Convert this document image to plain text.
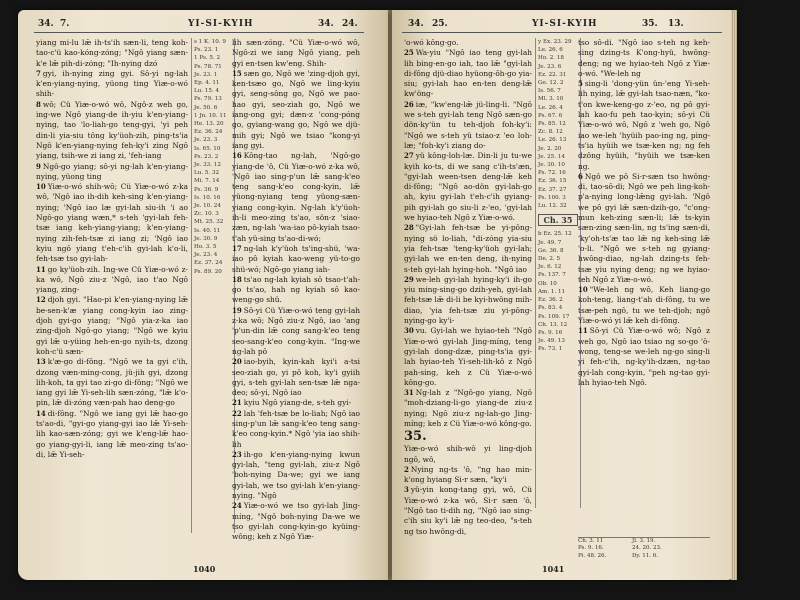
34. 7.	YI-SI-KYIH	34. 24.

yiang mi-lu lǣ ih-ts'ih sæn-li, teng koh-tao-c'ü kao-kóng-zóng; "Ngô yiang sæn-k'e lǣ pih-di-zóng; "Ih-nying dzó

7 gyi, ih-nying zing gyi. Sô-yi ng-lah k'en-yiang-nying, yüong ting Yiæ-o-wó shih-

8 wô; Cü Yiæ-o-wó wô, Ngô-z weh go, ing-we Ngô yiang-de ih-yiu k'en-yiang-nying, tao 'lo-liah-go teng-gyi, 'yi peh din-li yia-siu tông ky'üoh-zih, ping-ts'ia Ngô k'en-yiang-nying feh-ky'i zing Ngô yiang, tsih-we zi iang zi, 'feh-iang

9 Ngô-go yiang; sô-yi ng-lah k'en-yiang-nying, yüong ting

10 Yiæ-o-wó shih-wô; Cü Yiæ-o-wó z-ka wô, 'Ngô iao ih-dih keh-sing k'en-yiang-nying; 'Ngô iao læ gyi-lah siu-ih 'i ao Ngô-go yiang wæn,* s-teh 'gyi-lah feh-tsæ iang keh-yiang-yiang; k'en-yiang-nying zih-feh-tsæ zi iang zi; 'Ngô iao kyiu ngô yiang t'eh-c'ih gyi-lah k'o-li, feh-tsæ tso gyi-lah-

11 go ky'üoh-zih. Ing-we Cü Yiæ-o-wó z-ka wô, Ngô ziu-z 'Ngô, iao t'ao Ngô yiang, zing-

12 djoh gyi. "Hao-pi k'en-yiang-nying lǣ be-sen-k'æ yiang cong-kyin iao zing-djoh gyi-go yiang; "Ngô yia-z-ka iao zing-djoh Ngô-go yiang; "Ngô we kyiu gyi lǣ u-yüing heh-en-go nyih-ts, dzong koh-c'ü sæn-

13 k'æ-go di-fông. "Ngô we ta gyi c'ih, dzong væn-ming-cong, jü-jih gyi, dzong lih-koh, ta gyi tao zi-go di-fông; "Ngô we iang gyi lǣ Yi-seh-lih sæn-zóng, "lǣ k'o-pin, lǣ di-zóng væn-pah hao deng-go

14 di-fông. "Ngô we iang gyi lǣ hao-go ts'ao-di, "gyi-go yiang-gyi iao lǣ Yi-seh-lih kao-sæn-zóng; gyi we k'eng-lǣ hao-go yiang-gyi-li, iang lǣ meo-zing ts'ao-di, lǣ Yi-seh-

s 1 K. 10. 9
Ps. 23. 1
1 Ps. 5. 2
Ps. 78. 71
Je. 23. 1
Ep. 4. 11
Lu. 15. 4
Ps. 79. 13
Je. 50. 6
1 Jn. 10. 11
He. 13. 20
Ez. 36. 24
Je. 23. 3
Is. 65. 10
Ps. 23. 2
Je. 33. 12
Lu. 5. 32
Mi. 7. 14
Ps. 36. 9
Is. 10. 16
Je. 10. 24
Zc. 10. 3
Mt. 25. 32
Is. 40. 11
Je. 30. 9
Ho. 3. 5
Je. 23. 4
Ez. 37. 24
Ps. 89. 20

lih sæn-zóng. "Cü Yiæ-o-wó wô, Ngô-zi we iang Ngô yiang, peh gyi en-tsen kw'eng. Shih-

15 sæn go, Ngô we 'zing-djoh gyi, ken-tsæo go, Ngô we ling-kyiu gyi, seng-sông go, Ngô we pao-hao gyi, seo-ziah go, Ngô we iang-ong gyi; dæn-z 'cong-póng go, gyiang-wang go, Ngô we djü-mih gyi; Ngô we tsiao "kong-yi iang gyi.

16 Kông-tao ng-lah, 'Ngô-go yiang-de 'ô, Cü Yiæ-o-wó z-ka wô, 'Ngô iao sing-p'un lǣ sang-k'eo teng sang-k'eo cong-kyin, lǣ yüong-nyiang teng yüong-sæn-yiang cong-kyin. Ng-lah k'y'üoh-ih-li meo-zing ts'ao, sön-z 'siao-zæn, ng-lah 'wa-iao pô-kyiah tsao-t'ah yü-sing ts'ao-di-wó;

17 ng-lah k'y'üoh ts'ing-shü, 'wa-iao pô kyiah kao-weng yü-to-go shü-wó; Ngô-go yiang iah-

18 ts'ao ng-lah kyiah sô tsao-t'ah-go ts'ao, hah ng kyiah sô kao-weng-go shü.

19 Sô-yi Cü Yiæ-o-wó teng gyi-lah z-ka wô; Ngô ziu-z Ngô, iao 'ang 'p'un-din lǣ cong sang-k'eo teng seo-sang-k'eo cong-kyin. "Ing-we ng-lah pô

20 iao-byih, kyin-kah kyi'i a-tsi seo-ziah go, yi pô koh, ky'i gyiih gyi, s-teh gyi-lah sen-tsæ lǣ nga-deo; sô-yi, Ngô iao

21 kyiu Ngô yiang-de, s-teh gyi-

22 lah 'feh-tsæ be lo-liah; Ngô iao sing-p'un lǣ sang-k'eo teng sang-k'eo cong-kyin.* Ngô 'yia iao shih-lih

23 ih-go k'en-yiang-nying kwun gyi-lah, "teng gyi-lah, ziu-z Ngô 'boh-nying Da-we; gyi we iang gyi-lah, we tso gyi-lah k'en-yiang-nying. "Ngô

24 Yiæ-o-wó we tso gyi-lah Jing-míng, "Ngô boh-nying Da-we we tso gyi-lah cong-kyin-go kyüing-wông; keh z Ngô Yiæ-

1040
34. 25.	YI-SI-KYIH	35. 13.

'o-wó kông-go.

25 Wa-yiu "Ngô iao teng gyi-lah lih bing-en-go iah, tao lǣ "gyi-lah di-fông djü-diao hyüong-ôh-go yia-siu; gyi-lah hao en-ten deng-lǣ kw'öng-

26 iæ, "kw'eng-lǣ jü-ling-li. "Ngô we s-teh gyi-lah teng Ngô sæn-go dön-ky'ün tu teh-djoh foh-ky'i: "Ngô we s-teh yü tsiao-z 'eo loh-læ; "foh-ky'i ziang do-

27 yü kông-loh-læ. Din-li ju tu-we kyih ko-ts, di we sang c'ih-ts'æn, "gyi-lah ween-tsen deng-lǣ keh di-fông; "Ngô ao-dön gyi-lah-go ah, kyiu gyi-lah t'eh-c'ih gyiang-pih gyi-lah go siu-li z-'eo, 'gyi-lah we hyiao-teh Ngô z Yiæ-o-wó.

28 "Gyi-lah feh-tsæ be yi-pông-nying sö lo-liah, "di-zóng yia-siu yia feh-tsæ 'teng-ky'üoh gyi-lah; gyi-lah we en-ten deng, ih-nying s-teh gyi-lah hying-hoh. "Ngô iao

29 we-leh gyi-lah hying-ky'i ih-go yiu ming-sing-go dzih-yeh, gyi-lah feh-tsæ lǣ di-li be kyi-hwông mih-diao, 'yia feh-tsæ ziu yi-pông-nying-go ky'i-

30 vu. Gyi-lah we hyiao-teh "Ngô Yiæ-o-wó gyi-lah Jing-míng, teng gyi-lah dong-dzæ, ping-ts'ia gyi-lah hyiao-teh Yi-seh-lih-kô z Ngô pah-sing, keh z Cü Yiæ-o-wó kông-go.

31 Ng-lah z "Ngô-go yiang, Ngô "moh-dziang-li-go yiang-de ziu-z nying; Ngô ziu-z ng-lah-go Jing-míng; keh z Cü Yiæ-o-wó kông-go.

35.

Yiæ-o-wó shih-wô yi ling-djoh ngô, wô,

2 Nying ng-ts 'ô, "ng hao min-k'ong hyiang Si-r sæn, "ky'i

3 yü-yin kong-tang gyi, wô, Cü Yiæ-o-wó z-ka wô, Si-r sæn 'ô, "Ngô tao ti-dih ng, "Ngô iao sing-c'ih siu ky'i lǣ ng teo-deo, "s-teh ng tso hwông-di,

y Ex. 23. 29
Le. 26. 6
Ho. 2. 18
Je. 23. 6
Ez. 22. 31
Ge. 12. 2
Is. 56. 7
Ml. 3. 10
Le. 26. 4
Ps. 67. 6
Ps. 85. 12
Zc. 8. 12
Le. 26. 13
Je. 2. 20
Je. 25. 14
Je. 30. 10
Ps. 72. 16
Ez. 36. 15
Ez. 37. 27
Ps. 100. 3
Lu. 12. 32

Ch. 35
b Ez. 25. 12
Je. 49. 7
Ge. 36. 8
De. 2. 5
Je. 6. 12
Ps. 137. 7
Ob. 10
Am. 1. 11
Ez. 36. 2
Ps. 83. 4
Ps. 109. 17
Ch. 13. 12
Ps. 9. 16
Je. 49. 13
Ps. 73. 1

tso sô-di. "Ngô iao s-teh ng keh-sing dzing-ts K'ong-hyü, hwông-deng; ng we hyiao-teh Ngô z Yiæ-o-wó. "We-leh ng

5 sing-li 'dong-yün ün-'eng Yi-seh-lih nying, lǣ gyi-lah tsao-næn, "ko-t'on kwe-keng-go z-'eo, ng pô gyi-lah kao-fu peh tao-kyin; sô-yi Cü Yiæ-o-wó wô, Ngô z 'weh go, Ngô iao we-leh 'hyüih pao-ing ng, ping-ts'ia hyüih we tsæ-ken ng; ng feh dzông hyüih, "hyüih we tsæ-ken ng.

6 Ngô we pô Si-r-sæn tso hwông-di, tao-sô-di; Ngô we peh ling-koh-p'a-nying long-lǣng gyi-lah. 'Ngô we pô gyi lǣ sæn-dzih-go, "c'ong-mun keh-zing sæn-li; lǣ ts-kyin sæn-zing sæn-lin, ng ts'ing sæn-di, 'ky'oh-ts'æ tao lǣ ng keh-sing lǣ 'o-li. "Ngô we s-teh ng gyiang-hwông-diao, ng-lah dzing-ts feh-tsæ yiu nying deng; ng we hyiao-teh Ngô z Yiæ-o-wó.

10 "We-leh ng wô, Keh liang-go koh-teng, liang-t'ah di-fông, tu we tsæ-peh ngô, tu we teh-djoh; ngô Yiæ-o-wó yi lǣ keh di-fông.

11 Sô-yi Cü Yiæ-o-wó wô; Ngô z weh go, Ngô iao tsiao ng so-go 'ô-wong, teng-se we-leh ng-go sing-li yi feh-c'ih, ng-ky'ih-dzæn, ng-tao gyi-lah cong-kyin, "peh ng-tao gyi-lah hyiao-teh Ngô.

Ch. 3. 11	Jl. 3. 19.
Ps. 9. 16.	24. 20. 23.
Pi. 48. 26.	Dy. 11. 6.
1041
